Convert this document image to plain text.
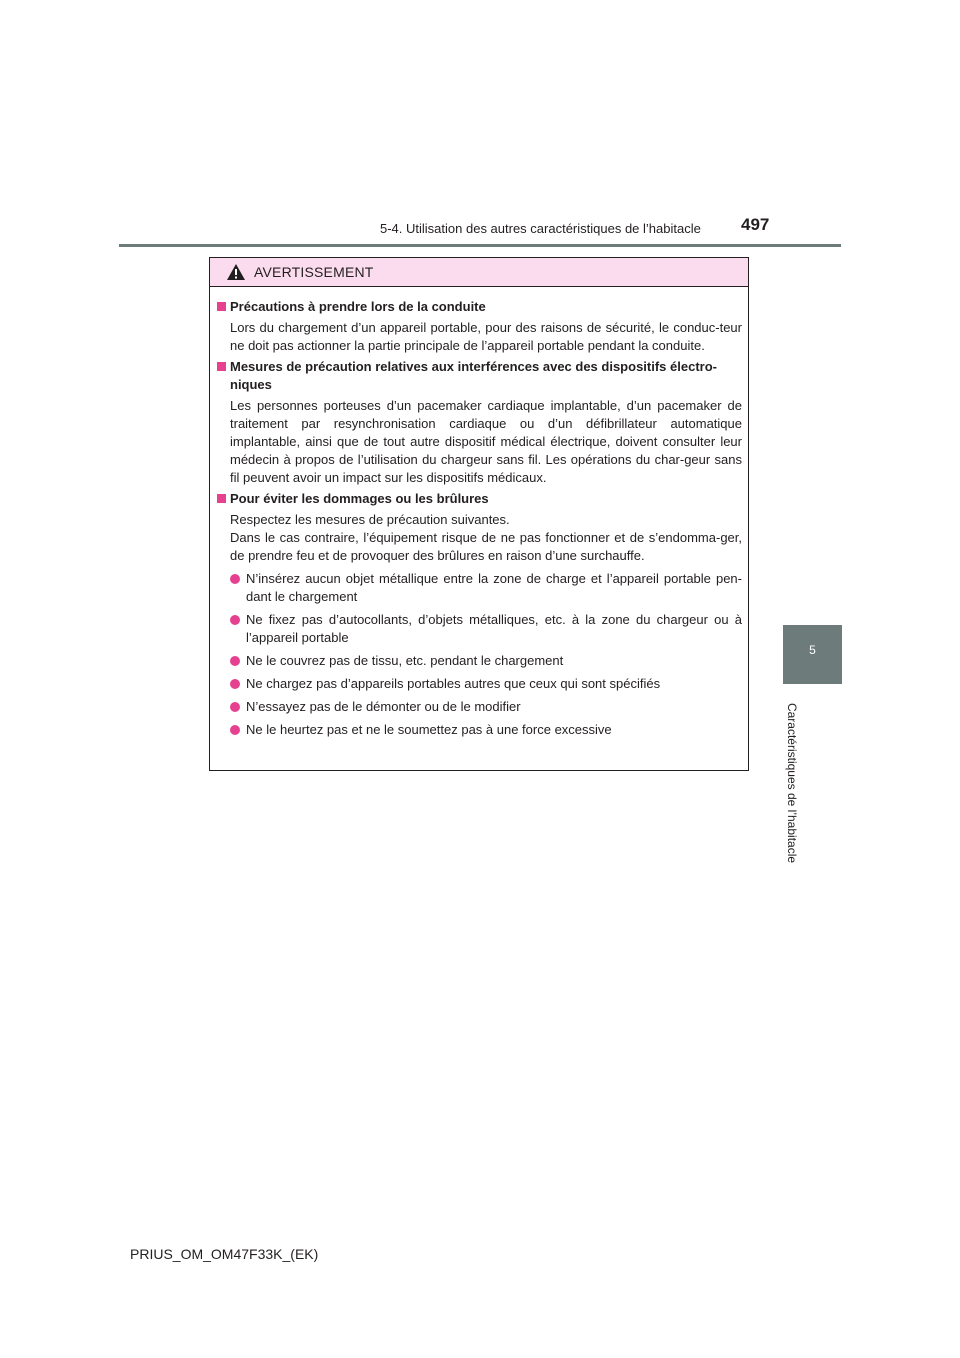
5-4. Utilisation des autres caractéristiques de l’habitacle 497
5
Caractéristiques de l’habitacle
AVERTISSEMENT
Précautions à prendre lors de la conduite
Lors du chargement d’un appareil portable, pour des raisons de sécurité, le conduc-teur ne doit pas actionner la partie principale de l’appareil portable pendant la conduite.
Mesures de précaution relatives aux interférences avec des dispositifs électro-niques
Les personnes porteuses d’un pacemaker cardiaque implantable, d’un pacemaker de traitement par resynchronisation cardiaque ou d’un défibrillateur automatique implantable, ainsi que de tout autre dispositif médical électrique, doivent consulter leur médecin à propos de l’utilisation du chargeur sans fil. Les opérations du char-geur sans fil peuvent avoir un impact sur les dispositifs médicaux.
Pour éviter les dommages ou les brûlures
Respectez les mesures de précaution suivantes.
Dans le cas contraire, l’équipement risque de ne pas fonctionner et de s’endomma-ger, de prendre feu et de provoquer des brûlures en raison d’une surchauffe.
N’insérez aucun objet métallique entre la zone de charge et l’appareil portable pen-dant le chargement
Ne fixez pas d’autocollants, d’objets métalliques, etc. à la zone du chargeur ou à l’appareil portable
Ne le couvrez pas de tissu, etc. pendant le chargement
Ne chargez pas d’appareils portables autres que ceux qui sont spécifiés
N’essayez pas de le démonter ou de le modifier
Ne le heurtez pas et ne le soumettez pas à une force excessive
PRIUS_OM_OM47F33K_(EK)
